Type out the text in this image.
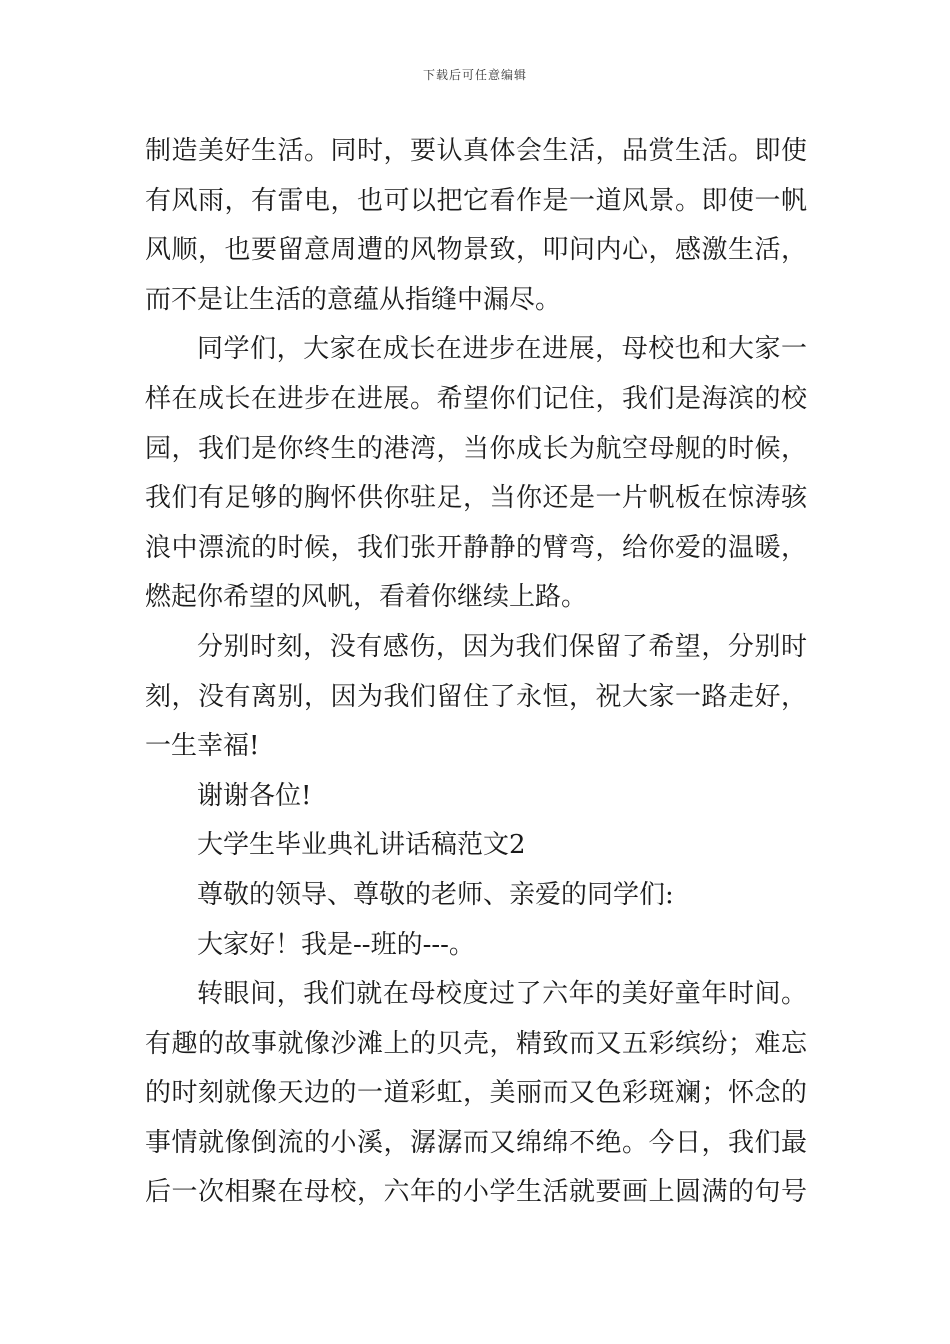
下载后可任意编辑
制造美好生活。同时，要认真体会生活，品赏生活。即使
有风雨，有雷电，也可以把它看作是一道风景。即使一帆
风顺，也要留意周遭的风物景致，叩问内心，感激生活，
而不是让生活的意蕴从指缝中漏尽。
同学们，大家在成长在进步在进展，母校也和大家一
样在成长在进步在进展。希望你们记住，我们是海滨的校
园，我们是你终生的港湾，当你成长为航空母舰的时候，
我们有足够的胸怀供你驻足，当你还是一片帆板在惊涛骇
浪中漂流的时候，我们张开静静的臂弯，给你爱的温暖，
燃起你希望的风帆，看着你继续上路。
分别时刻，没有感伤，因为我们保留了希望，分别时
刻，没有离别，因为我们留住了永恒，祝大家一路走好，
一生幸福!
谢谢各位!
大学生毕业典礼讲话稿范文2
尊敬的领导、尊敬的老师、亲爱的同学们:
大家好！我是--班的---。
转眼间，我们就在母校度过了六年的美好童年时间。
有趣的故事就像沙滩上的贝壳，精致而又五彩缤纷；难忘
的时刻就像天边的一道彩虹，美丽而又色彩斑斓；怀念的
事情就像倒流的小溪，潺潺而又绵绵不绝。今日，我们最
后一次相聚在母校，六年的小学生活就要画上圆满的句号
